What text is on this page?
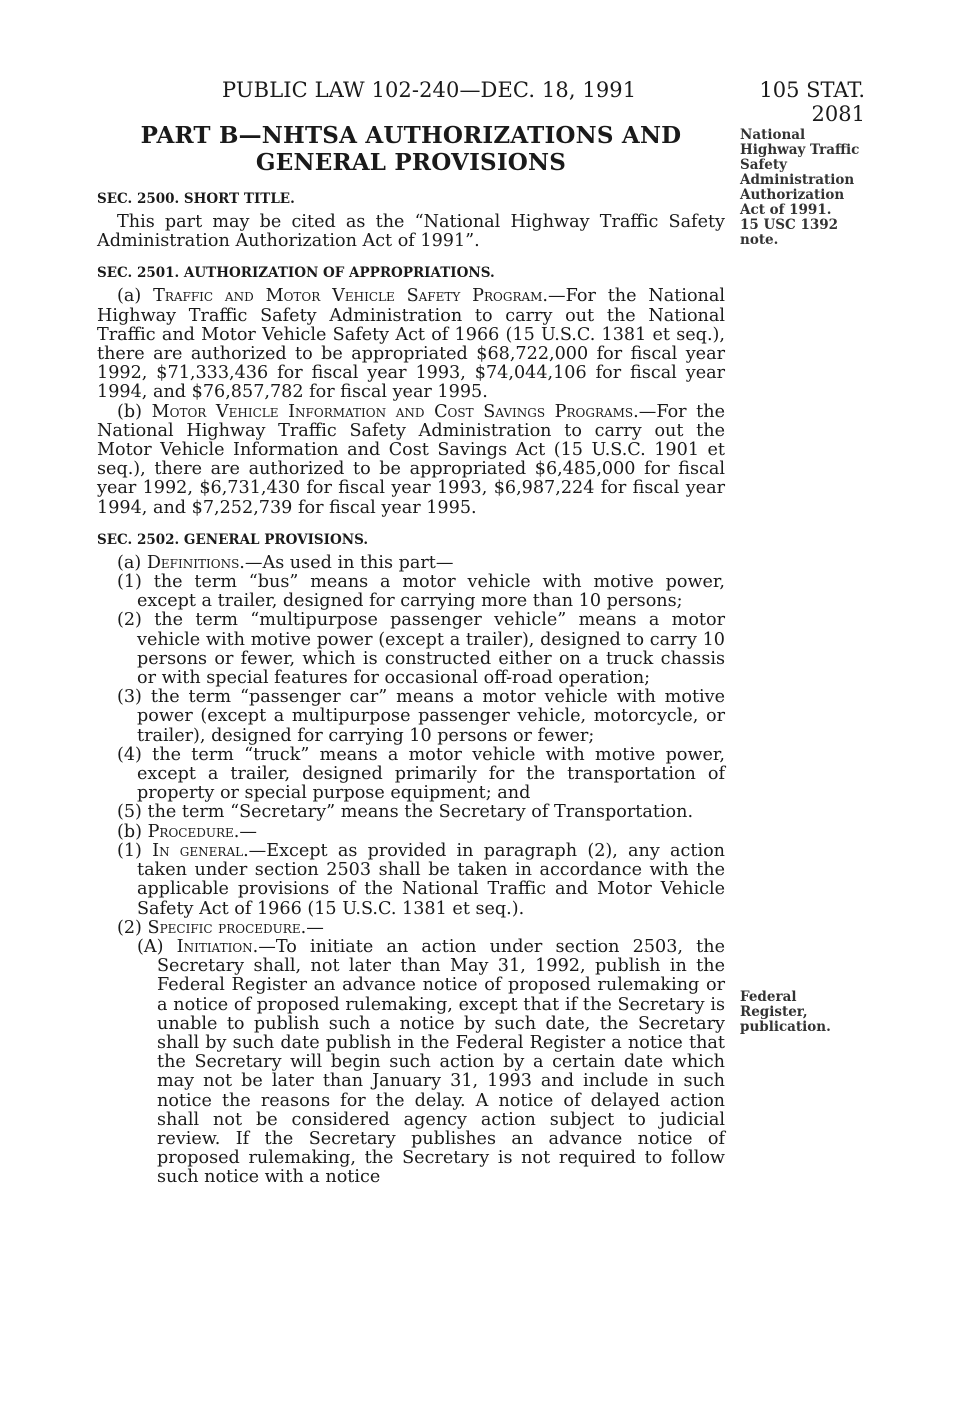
PUBLIC LAW 102-240—DEC. 18, 1991	105 STAT. 2081
PART B—NHTSA AUTHORIZATIONS AND
GENERAL PROVISIONS
SEC. 2500. SHORT TITLE.

This part may be cited as the “National Highway Traffic Safety Administration Authorization Act of 1991”.

SEC. 2501. AUTHORIZATION OF APPROPRIATIONS.

(a) Traffic and Motor Vehicle Safety Program.—For the National Highway Traffic Safety Administration to carry out the National Traffic and Motor Vehicle Safety Act of 1966 (15 U.S.C. 1381 et seq.), there are authorized to be appropriated $68,722,000 for fiscal year 1992, $71,333,436 for fiscal year 1993, $74,044,106 for fiscal year 1994, and $76,857,782 for fiscal year 1995.

(b) Motor Vehicle Information and Cost Savings Programs.—For the National Highway Traffic Safety Administration to carry out the Motor Vehicle Information and Cost Savings Act (15 U.S.C. 1901 et seq.), there are authorized to be appropriated $6,485,000 for fiscal year 1992, $6,731,430 for fiscal year 1993, $6,987,224 for fiscal year 1994, and $7,252,739 for fiscal year 1995.

SEC. 2502. GENERAL PROVISIONS.

(a) Definitions.—As used in this part—

(1) the term “bus” means a motor vehicle with motive power, except a trailer, designed for carrying more than 10 persons;

(2) the term “multipurpose passenger vehicle” means a motor vehicle with motive power (except a trailer), designed to carry 10 persons or fewer, which is constructed either on a truck chassis or with special features for occasional off-road operation;

(3) the term “passenger car” means a motor vehicle with motive power (except a multipurpose passenger vehicle, motorcycle, or trailer), designed for carrying 10 persons or fewer;

(4) the term “truck” means a motor vehicle with motive power, except a trailer, designed primarily for the transportation of property or special purpose equipment; and

(5) the term “Secretary” means the Secretary of Transportation.

(b) Procedure.—

(1) In general.—Except as provided in paragraph (2), any action taken under section 2503 shall be taken in accordance with the applicable provisions of the National Traffic and Motor Vehicle Safety Act of 1966 (15 U.S.C. 1381 et seq.).

(2) Specific procedure.—

(A) Initiation.—To initiate an action under section 2503, the Secretary shall, not later than May 31, 1992, publish in the Federal Register an advance notice of proposed rulemaking or a notice of proposed rulemaking, except that if the Secretary is unable to publish such a notice by such date, the Secretary shall by such date publish in the Federal Register a notice that the Secretary will begin such action by a certain date which may not be later than January 31, 1993 and include in such notice the reasons for the delay. A notice of delayed action shall not be considered agency action subject to judicial review. If the Secretary publishes an advance notice of proposed rulemaking, the Secretary is not required to follow such notice with a notice

National
Highway Traffic
Safety
Administration
Authorization
Act of 1991.
15 USC 1392
note.
Federal
Register,
publication.
